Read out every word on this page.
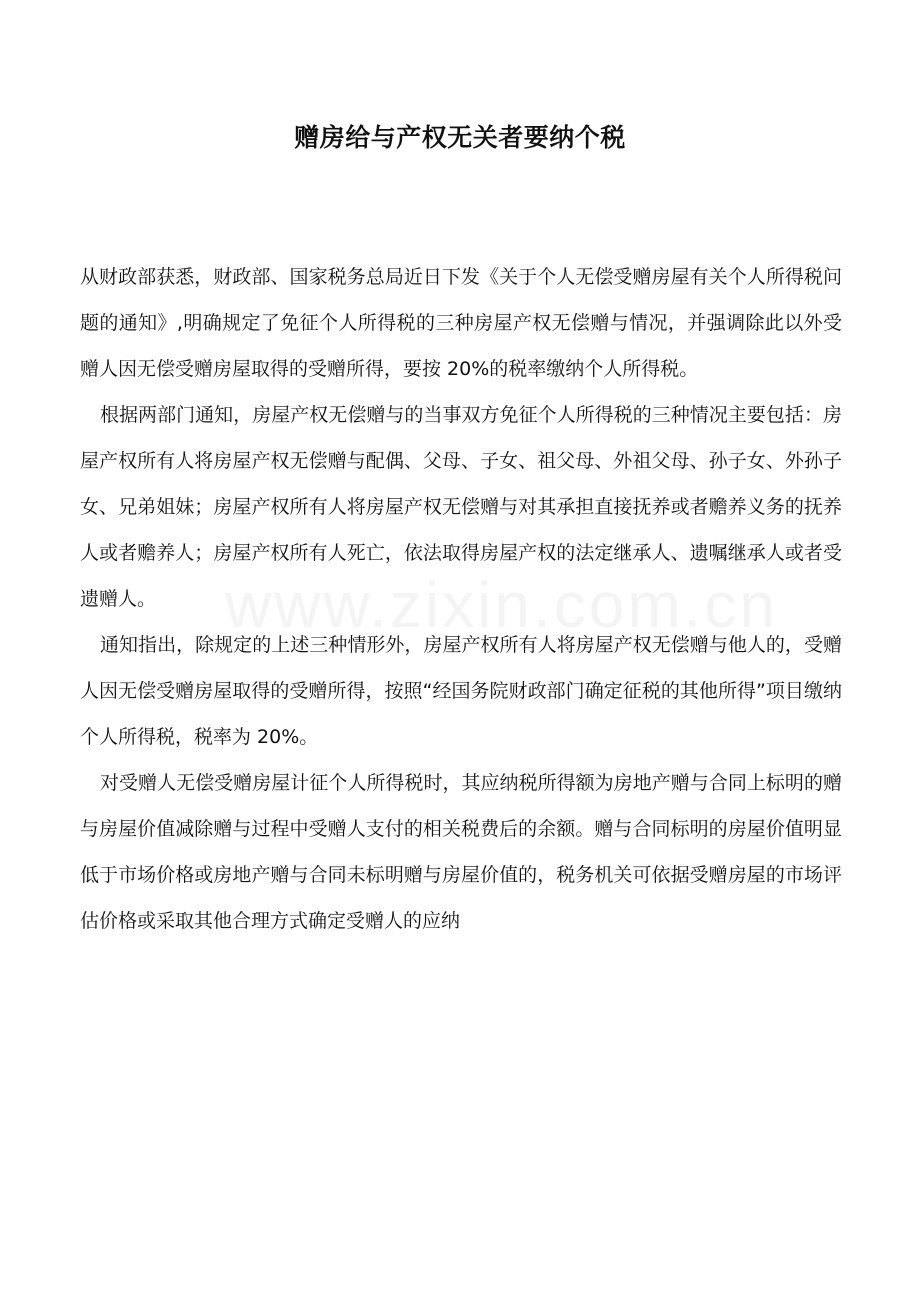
赠房给与产权无关者要纳个税
www.zixin.com.cn

从财政部获悉，财政部、国家税务总局近日下发《关于个人无偿受赠房屋有关个人所得税问题的通知》,明确规定了免征个人所得税的三种房屋产权无偿赠与情况，并强调除此以外受赠人因无偿受赠房屋取得的受赠所得，要按 20%的税率缴纳个人所得税。

根据两部门通知，房屋产权无偿赠与的当事双方免征个人所得税的三种情况主要包括：房屋产权所有人将房屋产权无偿赠与配偶、父母、子女、祖父母、外祖父母、孙子女、外孙子女、兄弟姐妹；房屋产权所有人将房屋产权无偿赠与对其承担直接抚养或者赡养义务的抚养人或者赡养人；房屋产权所有人死亡，依法取得房屋产权的法定继承人、遗嘱继承人或者受遗赠人。

通知指出，除规定的上述三种情形外，房屋产权所有人将房屋产权无偿赠与他人的，受赠人因无偿受赠房屋取得的受赠所得，按照“经国务院财政部门确定征税的其他所得”项目缴纳个人所得税，税率为 20%。

对受赠人无偿受赠房屋计征个人所得税时，其应纳税所得额为房地产赠与合同上标明的赠与房屋价值减除赠与过程中受赠人支付的相关税费后的余额。赠与合同标明的房屋价值明显低于市场价格或房地产赠与合同未标明赠与房屋价值的，税务机关可依据受赠房屋的市场评估价格或采取其他合理方式确定受赠人的应纳
